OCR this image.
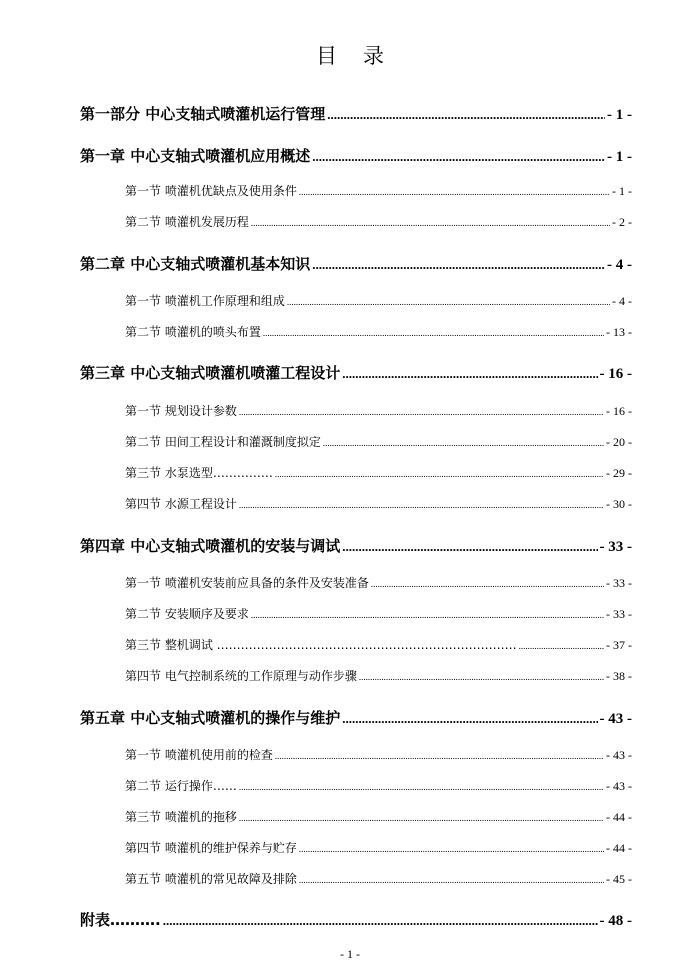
目录
第一部分 中心支轴式喷灌机运行管理 .....	- 1 -
第一章 中心支轴式喷灌机应用概述 .....	- 1 -
第一节 喷灌机优缺点及使用条件 .....	- 1 -
第二节 喷灌机发展历程 .....	- 2 -
第二章 中心支轴式喷灌机基本知识 .....	- 4 -
第一节 喷灌机工作原理和组成 .....	- 4 -
第二节 喷灌机的喷头布置 .....	- 13 -
第三章 中心支轴式喷灌机喷灌工程设计 .....	- 16 -
第一节 规划设计参数 .....	- 16 -
第二节 田间工程设计和灌溉制度拟定 .....	- 20 -
第三节 水泵选型…………… .....	- 29 -
第四节 水源工程设计 .....	- 30 -
第四章 中心支轴式喷灌机的安装与调试 .....	- 33 -
第一节 喷灌机安装前应具备的条件及安装准备 .....	- 33 -
第二节 安装顺序及要求 .....	- 33 -
第三节 整机调试 ………………………………………………………………… .....	- 37 -
第四节 电气控制系统的工作原理与动作步骤 .....	- 38 -
第五章 中心支轴式喷灌机的操作与维护 .....	- 43 -
第一节 喷灌机使用前的检查 .....	- 43 -
第二节 运行操作…… .....	- 43 -
第三节 喷灌机的拖移 .....	- 44 -
第四节 喷灌机的维护保养与贮存 .....	- 44 -
第五节 喷灌机的常见故障及排除 .....	- 45 -
附表………. .....	- 48 -
- 1 -
